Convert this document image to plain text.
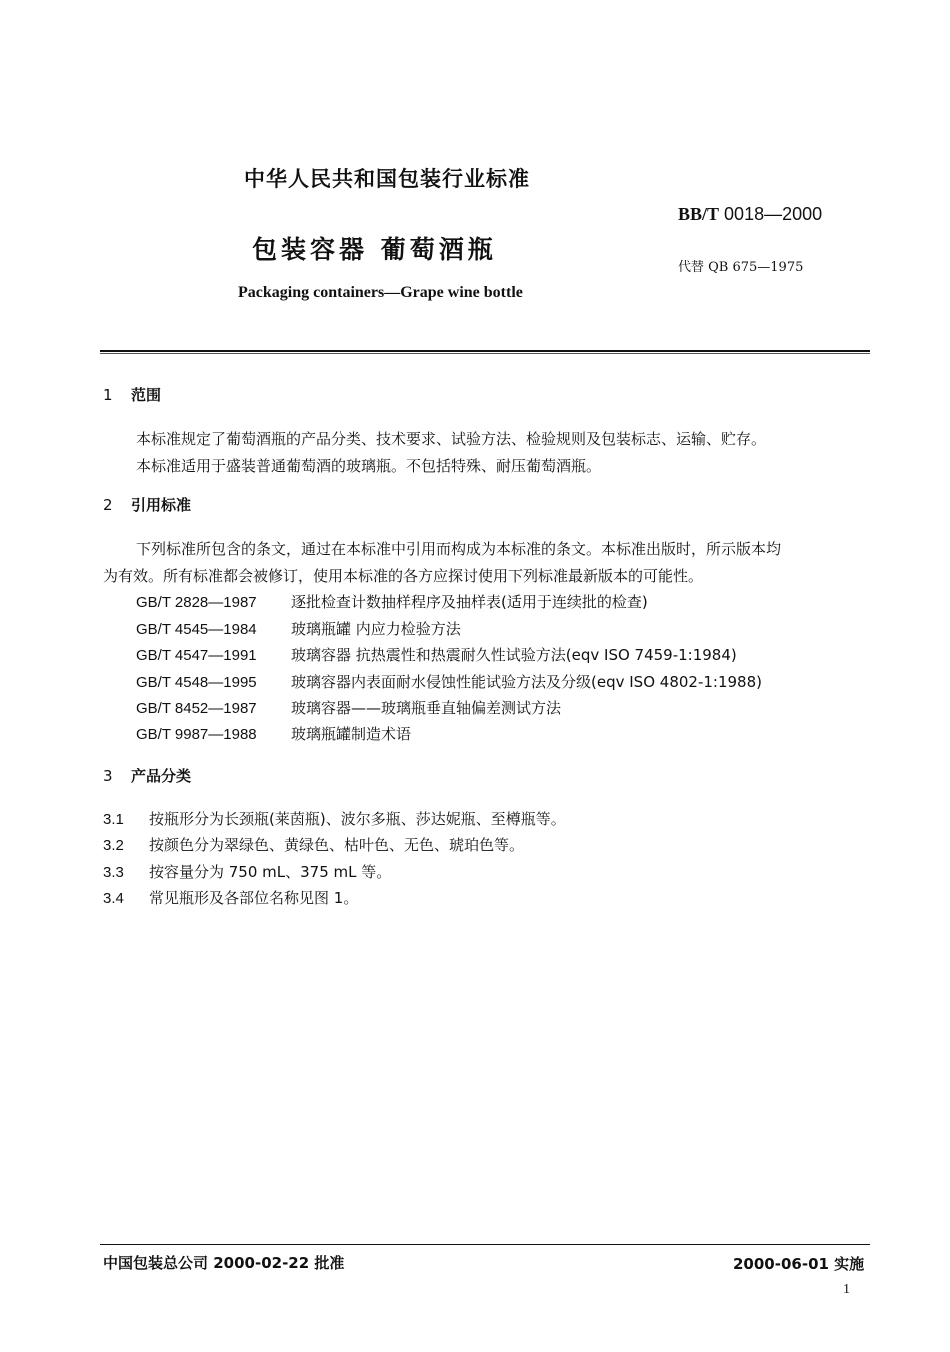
中华人民共和国包装行业标准
BB/T 0018—2000
包装容器 葡萄酒瓶
代替 QB 675—1975
Packaging containers—Grape wine bottle
1 范围
本标准规定了葡萄酒瓶的产品分类、技术要求、试验方法、检验规则及包装标志、运输、贮存。
本标准适用于盛装普通葡萄酒的玻璃瓶。不包括特殊、耐压葡萄酒瓶。
2 引用标准
下列标准所包含的条文，通过在本标准中引用而构成为本标准的条文。本标准出版时，所示版本均
为有效。所有标准都会被修订，使用本标准的各方应探讨使用下列标准最新版本的可能性。
GB/T 2828—1987 逐批检查计数抽样程序及抽样表(适用于连续批的检查)
GB/T 4545—1984 玻璃瓶罐 内应力检验方法
GB/T 4547—1991 玻璃容器 抗热震性和热震耐久性试验方法(eqv ISO 7459-1:1984)
GB/T 4548—1995 玻璃容器内表面耐水侵蚀性能试验方法及分级(eqv ISO 4802-1:1988)
GB/T 8452—1987 玻璃容器——玻璃瓶垂直轴偏差测试方法
GB/T 9987—1988 玻璃瓶罐制造术语
3 产品分类
3.1 按瓶形分为长颈瓶(莱茵瓶)、波尔多瓶、莎达妮瓶、至樽瓶等。
3.2 按颜色分为翠绿色、黄绿色、枯叶色、无色、琥珀色等。
3.3 按容量分为 750 mL、375 mL 等。
3.4 常见瓶形及各部位名称见图 1。
中国包装总公司 2000-02-22 批准	2000-06-01 实施
1
